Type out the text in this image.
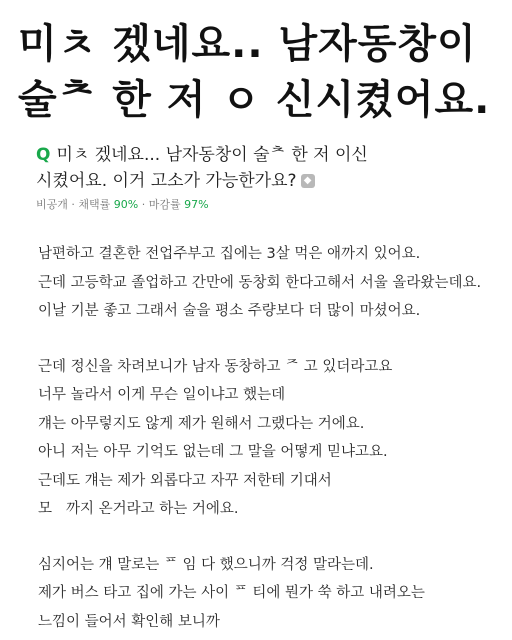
미ㅊ 겠네요.. 남자동창이
술ᄎ 한 저 ㅇ 신시켰어요.
Q 미ㅊ 겠네요... 남자동창이 술ᄎ 한 저 이신
시켰어요. 이거 고소가 가능한가요? ◆
비공개 · 채택률 90% · 마감률 97%

남편하고 결혼한 전업주부고 집에는 3살 먹은 애까지 있어요.

근데 고등학교 졸업하고 간만에 동창회 한다고해서 서울 올라왔는데요.

이날 기분 좋고 그래서 술을 평소 주량보다 더 많이 마셨어요.

근데 정신을 차려보니가 남자 동창하고 ᄌ 고 있더라고요

너무 놀라서 이게 무슨 일이냐고 했는데

걔는 아무렇지도 않게 제가 원해서 그랬다는 거에요.

아니 저는 아무 기억도 없는데 그 말을 어떻게 믿냐고요.

근데도 걔는 제가 외롭다고 자꾸 저한테 기대서

모ᅟ까지 온거라고 하는 거에요.

심지어는 걔 말로는 ᄑ 임 다 했으니까 걱정 말라는데.

제가 버스 타고 집에 가는 사이 ᄑ 티에 뭔가 쑥 하고 내려오는

느낌이 들어서 확인해 보니까
